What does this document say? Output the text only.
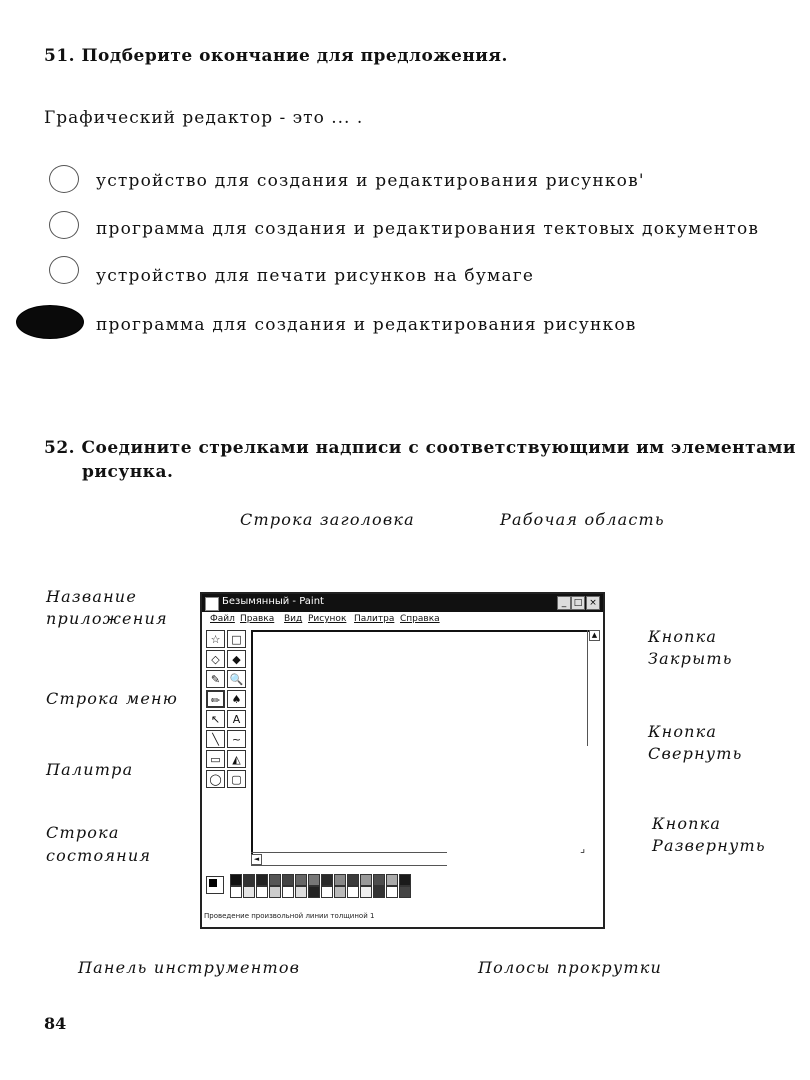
51. Подберите окончание для предложения.
Графический редактор - это ... .
устройство для создания и редактирования рисунков'
программа для создания и редактирования тектовых документов
устройство для печати рисунков на бумаге
программа для создания и редактирования рисунков
52. Соедините стрелками надписи с соответствующими им элементами
рисунка.
Строка заголовка	Рабочая область
Название
приложения
Строка меню
Палитра
Строка
состояния
Кнопка
Закрыть
Кнопка
Свернуть
Кнопка
Развернуть
Панель инструментов	Полосы прокрутки
Безымянный - Paint	_ □ ×
Файл Правка Вид Рисунок Палитра Справка
☆ □
◇	◆
✎ 🔍
✏	♠
↖	A
╲	~
▭	◭
◯ ▢
▲
◄
⌟
Проведение произвольной линии толщиной 1
84
